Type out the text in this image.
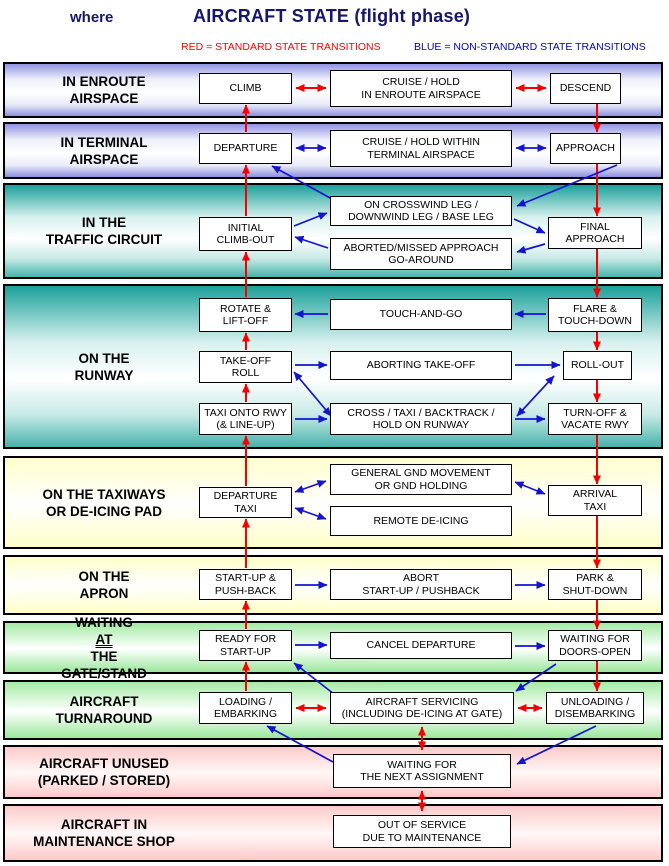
where	AIRCRAFT STATE (flight phase)
RED = STANDARD STATE TRANSITIONS	BLUE = NON-STANDARD STATE TRANSITIONS
IN ENROUTE
AIRSPACE
IN TERMINAL
AIRSPACE
IN THE
TRAFFIC CIRCUIT
ON THE
RUNWAY
ON THE TAXIWAYS
OR DE-ICING PAD
ON THE
APRON
WAITING
AT
THE
GATE/STAND
AIRCRAFT
TURNAROUND
AIRCRAFT UNUSED
(PARKED / STORED)
AIRCRAFT IN
MAINTENANCE SHOP
CLIMB
CRUISE / HOLD
IN ENROUTE AIRSPACE
DESCEND
DEPARTURE
CRUISE / HOLD WITHIN
TERMINAL AIRSPACE
APPROACH
INITIAL
CLIMB-OUT
ON CROSSWIND LEG /
DOWNWIND LEG / BASE LEG
ABORTED/MISSED APPROACH
GO-AROUND
FINAL
APPROACH
ROTATE &
LIFT-OFF
TOUCH-AND-GO	FLARE &
TOUCH-DOWN
TAKE-OFF
ROLL
ABORTING TAKE-OFF	ROLL-OUT
TAXI ONTO RWY
(& LINE-UP)
CROSS / TAXI / BACKTRACK /
HOLD ON RUNWAY
TURN-OFF &
VACATE RWY
DEPARTURE
TAXI
GENERAL GND MOVEMENT
OR GND HOLDING
REMOTE DE-ICING
ARRIVAL
TAXI
START-UP &
PUSH-BACK
ABORT
START-UP / PUSHBACK
PARK &
SHUT-DOWN
READY FOR
START-UP
CANCEL DEPARTURE
WAITING FOR
DOORS-OPEN
LOADING /
EMBARKING
AIRCRAFT SERVICING
(INCLUDING DE-ICING AT GATE)
UNLOADING /
DISEMBARKING
WAITING FOR
THE NEXT ASSIGNMENT
OUT OF SERVICE
DUE TO MAINTENANCE
